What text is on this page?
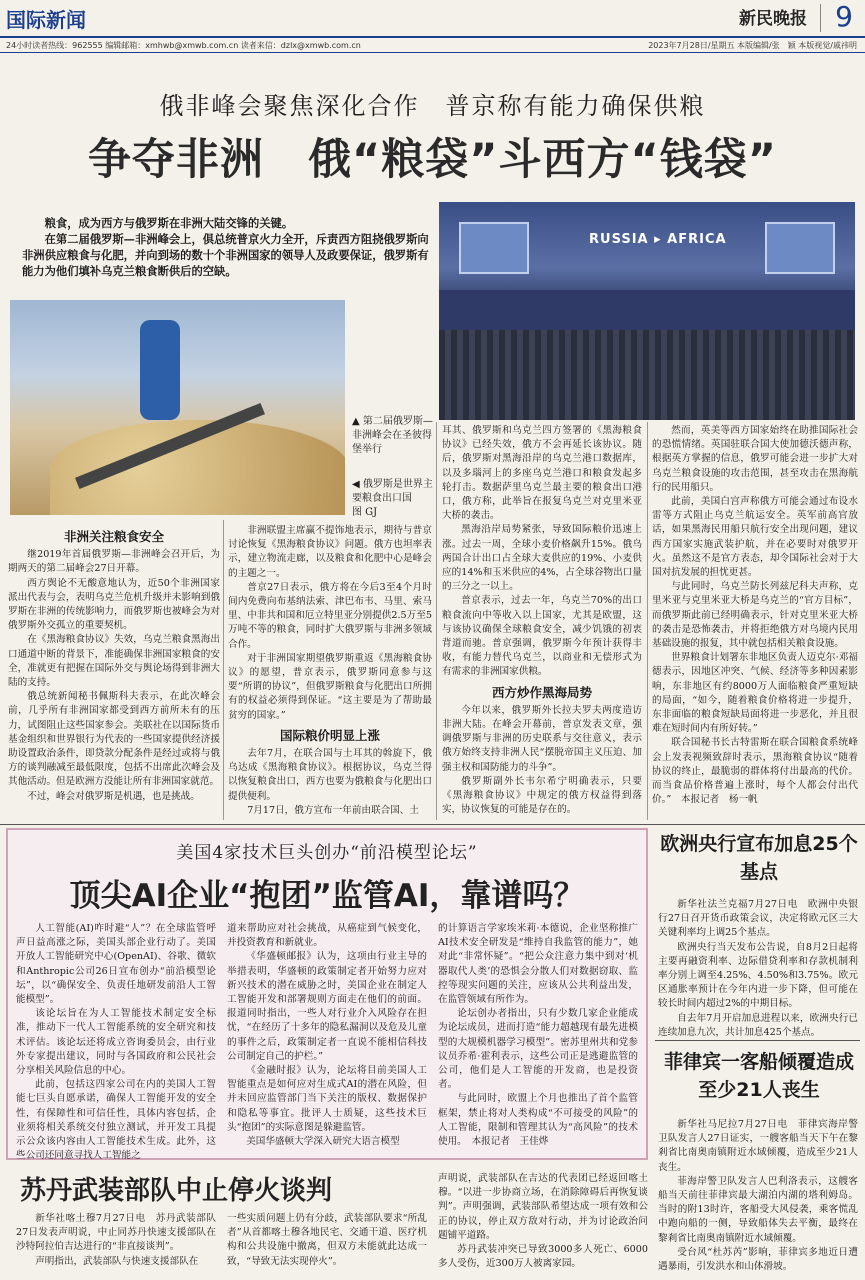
国际新闻	新民晚报 9
24小时读者热线：962555 编辑邮箱：xmhwb@xmwb.com.cn 读者来信：dzlx@xmwb.com.cn	2023年7月28日/星期五 本版编辑/张　颖 本版视觉/戚祎明
俄非峰会聚焦深化合作　普京称有能力确保供粮
争夺非洲　俄“粮袋”斗西方“钱袋”

粮食，成为西方与俄罗斯在非洲大陆交锋的关键。

在第二届俄罗斯—非洲峰会上，俱总统普京火力全开，斥责西方阻挠俄罗斯向非洲供应粮食与化肥，并向到场的数十个非洲国家的领导人及政要保证，俄罗斯有能力为他们填补乌克兰粮食断供后的空缺。

RUSSIA ▸ AFRICA
▲ 第二届俄罗斯—非洲峰会在圣彼得堡举行
◀ 俄罗斯是世界主要粮食出口国　　图 GJ
非洲关注粮食安全

继2019年首届俄罗斯—非洲峰会召开后，为期两天的第二届峰会27日开幕。

西方舆论不无酸意地认为，近50个非洲国家派出代表与会，表明乌克兰危机升级并未影响到俄罗斯在非洲的传统影响力，而俄罗斯也被峰会为对俄罗斯外交孤立的重要契机。

在《黑海粮食协议》失效，乌克兰粮食黑海出口通道中断的背景下，准能确保非洲国家粮食的安全，准就更有把握在国际外交与舆论场得到非洲大陆的支持。

俄总统新闻秘书佩斯科夫表示，在此次峰会前，几乎所有非洲国家都受到西方前所未有的压力，试图阻止这些国家参会。美联社在以国际货币基金组织和世界银行为代表的一些国家提供经济援助设置政治条件，即贷款分配条件是经过或将与俄方的谈判融减至最低限度，包括不出席此次峰会及其他活动。但是欧洲方没能让所有非洲国家就范。

不过，峰会对俄罗斯是机遇，也是挑战。

非洲联盟主席赢不提饰地表示，期待与普京讨论恢复《黑海粮食协议》问题。俄方也坦率表示，建立物流走廊，以及粮食和化肥中心是峰会的主题之一。

普京27日表示，俄方将在今后3至4个月时间内免费向布基纳法索、津巴布韦、马里、索马里、中非共和国和厄立特里亚分别提供2.5万至5万吨不等的粮食，同时扩大俄罗斯与非洲多领域合作。

对于非洲国家期望俄罗斯重返《黑海粮食协议》的愿望，普京表示，俄罗斯同意参与这要“所谓的协议”，但俄罗斯粮食与化肥出口所拥有的权益必须得到保证。“这主要是为了帮助最贫穷的国家。”

国际粮价明显上涨

去年7月，在联合国与土耳其的斡旋下，俄乌达成《黑海粮食协议》。根据协议，乌克兰得以恢复粮食出口，西方也要为俄粮食与化肥出口提供便利。

7月17日，俄方宣布一年前由联合国、土

耳其、俄罗斯和乌克兰四方签署的《黑海粮食协议》已经失效，俄方不会再延长该协议。随后，俄罗斯对黑海沿岸的乌克兰港口数据库，以及多瑙河上的多座乌克兰港口和粮食发起多轮打击。数据萨里乌克兰最主要的粮食出口港口，俄方称，此举旨在报复乌克兰对克里米亚大桥的袭击。

黑海沿岸局势紧张，导致国际粮价迅速上涨。过去一周，全球小麦价格飙升15%。俄乌两国合计出口占全球大麦供应的19%、小麦供应的14%和玉米供应的4%，占全球谷物出口量的三分之一以上。

普京表示，过去一年，乌克兰70%的出口粮食流向中等收入以上国家，尤其是欧盟，这与该协议确保全球粮食安全，减少饥饿的初衷背道而驰。普京强调，俄罗斯今年预计获得丰收，有能力替代乌克兰，以商业和无偿形式为有需求的非洲国家供粮。

西方炒作黑海局势

今年以来，俄罗斯外长拉夫罗夫两度造访非洲大陆。在峰会开幕前，普京发表文章，强调俄罗斯与非洲的历史联系与交往意义，表示俄方始终支持非洲人民“摆脱帝国主义压迫、加强主权和国防能力的斗争”。

俄罗斯副外长韦尔希宁明确表示，只要《黑海粮食协议》中规定的俄方权益得到落实，协议恢复的可能是存在的。

然而，英美等西方国家始终在助推国际社会的恐慌情绪。英国驻联合国大使加德沃德声称，根据英方掌握的信息，俄罗可能会进一步扩大对乌克兰粮食设施的攻击范围，甚至攻击在黑海航行的民用船只。

此前，美国白宫声称俄方可能会通过布设水雷等方式阻止乌克兰航运安全。英军前高官放话，如果黑海民用船只航行安全出现问题，建议西方国家实施武装护航，并在必要时对俄罗开火。虽然这不是官方表态，却令国际社会对于大国对抗发展的担忧更甚。

与此同时，乌克兰防长列兹尼科夫声称，克里米亚与克里米亚大桥是乌克兰的“官方目标”，而俄罗斯此前已经明确表示，针对克里米亚大桥的袭击是恐怖袭击，并将拒绝俄方对乌境内民用基础设施的报复，其中就包括相关粮食设施。

世界粮食计划署东非地区负责人迈克尔·邓福德表示，因地区冲突、气候、经济等多种因素影响，东非地区有约8000万人面临粮食严重短缺的局面，“如今，随着粮食价格将进一步提升，东非面临的粮食短缺局面将进一步恶化，并且很难在短时间内有所好转。”

联合国秘书长古特雷斯在联合国粮食系统峰会上发表视频致辞时表示，黑海粮食协议“随着协议的终止，最脆弱的群体将付出最高的代价。而当食品价格普遍上涨时，每个人都会付出代价。”　本报记者　杨一帆

美国4家技术巨头创办“前沿模型论坛”
顶尖AI企业“抱团”监管AI，靠谱吗？

人工智能(AI)咋时避“人”？在全球监管呼声日益高涨之际，美国头部企业行动了。美国开放人工智能研究中心(OpenAI)、谷歌、微软和Anthropic公司26日宣布创办“前沿模型论坛”，以“确保安全、负责任地研发前沿人工智能模型”。

该论坛旨在为人工智能技术制定安全标准，推动下一代人工智能系统的安全研究和技术评估。该论坛还将成立咨询委员会，由行业外专家提出建议，同时与各国政府和公民社会分享相关风险信息的中心。

此前，包括这四家公司在内的美国人工智能七巨头自愿承诺，确保人工智能开发的安全性，有保障性和可信任性，具体内容包括，企业须将相关系统交付独立测试，并开发工具提示公众该内容由人工智能技术生成。此外，这些公司还同意寻找人工智能之

道来帮助应对社会挑战，从癌症到气候变化，并投资教育和新就业。

《华盛顿邮报》认为，这项由行业主导的举措表明，华盛顿的政策制定者开始努力应对新兴技术的潜在威胁之时，美国企业在制定人工智能开发和部署规则方面走在他们的前面。报道同时指出，一些人对行业介入风险存在担忧，“在经历了十多年的隐私漏洞以及危及儿童的事件之后，政策制定者一直说不能相信科技公司制定自己的护栏。”

《金融时报》认为，论坛将目前美国人工智能重点是如何应对生成式AI的潜在风险，但并未回应监管部门当下关注的版权、数据保护和隐私等事宜。批评人士质疑，这些技术巨头“抱团”的实际意图是躲避监管。

美国华盛顿大学深入研究大语言模型

的计算语言学家埃米莉·本德说，企业坚称推广AI技术安全研发是“维持自我监管的能力”，她对此“非常怀疑”。“把公众注意力集中到对‘机器取代人类’的恐惧会分散人们对数据窃取、监控等现实问题的关注，应该从公共利益出发，在监管领域有所作为。

论坛创办者指出，只有少数几家企业能成为论坛成员，进而打造“能力超越现有最先进模型的大规模机器学习模型”。密苏里州共和党参议员乔希·霍利表示，这些公司正是逃避监管的公司，他们是人工智能的开发商，也是投资者。

与此同时，欧盟上个月也推出了首个监管框架，禁止将对人类构成“不可接受的风险”的人工智能，限制和管理其认为“高风险”的技术使用。　本报记者　王佳烨

欧洲央行宣布加息25个基点

新华社法兰克福7月27日电　欧洲中央银行27日召开货币政策会议，决定将欧元区三大关键利率均上调25个基点。

欧洲央行当天发布公告说，自8月2日起将主要再融资利率、边际借贷利率和存款机制利率分别上调至4.25%、4.50%和3.75%。欧元区通胀率预计在今年内进一步下降，但可能在较长时间内超过2%的中期目标。

自去年7月开启加息进程以来，欧洲央行已连续加息九次，共计加息425个基点。

菲律宾一客船倾覆造成至少21人丧生

新华社马尼拉7月27日电　菲律宾海岸警卫队发言人27日证实，一艘客船当天下午在黎剎省比南奥南镇附近水域倾覆，造成至少21人丧生。

菲海岸警卫队发言人巴利洛表示，这艘客船当天前往菲律宾最大湖泊内湖的塔利姆岛。当时的附13时许，客船受大风侵袭，乘客慌乱中跑向船的一侧，导致船体失去平衡，最终在黎剎省比南奥南镇附近水域倾覆。

受台风“杜苏芮”影响，菲律宾多地近日遭遇暴雨，引发洪水和山体滑坡。

苏丹武装部队中止停火谈判

新华社喀土穆7月27日电　苏丹武装部队27日发表声明说，中止同苏丹快速支援部队在沙特阿拉伯吉达进行的“非直接谈判”。

声明指出，武装部队与快速支援部队在

一些实质问题上仍有分歧，武装部队要求“所乱者”从首都喀土穆各地民宅、交通干道、医疗机构和公共设施中撤离，但双方未能就此达成一致，“导致无法实现停火”。

声明说，武装部队在吉达的代表团已经返回喀土穆。“以进一步协商立场，在消除障碍后再恢复谈判”。声明强调，武装部队希望达成一项有效和公正的协议，停止双方敌对行动，并为讨论政治问题铺平道路。

苏丹武装冲突已导致3000多人死亡、6000多人受伤，近300万人被离家园。
